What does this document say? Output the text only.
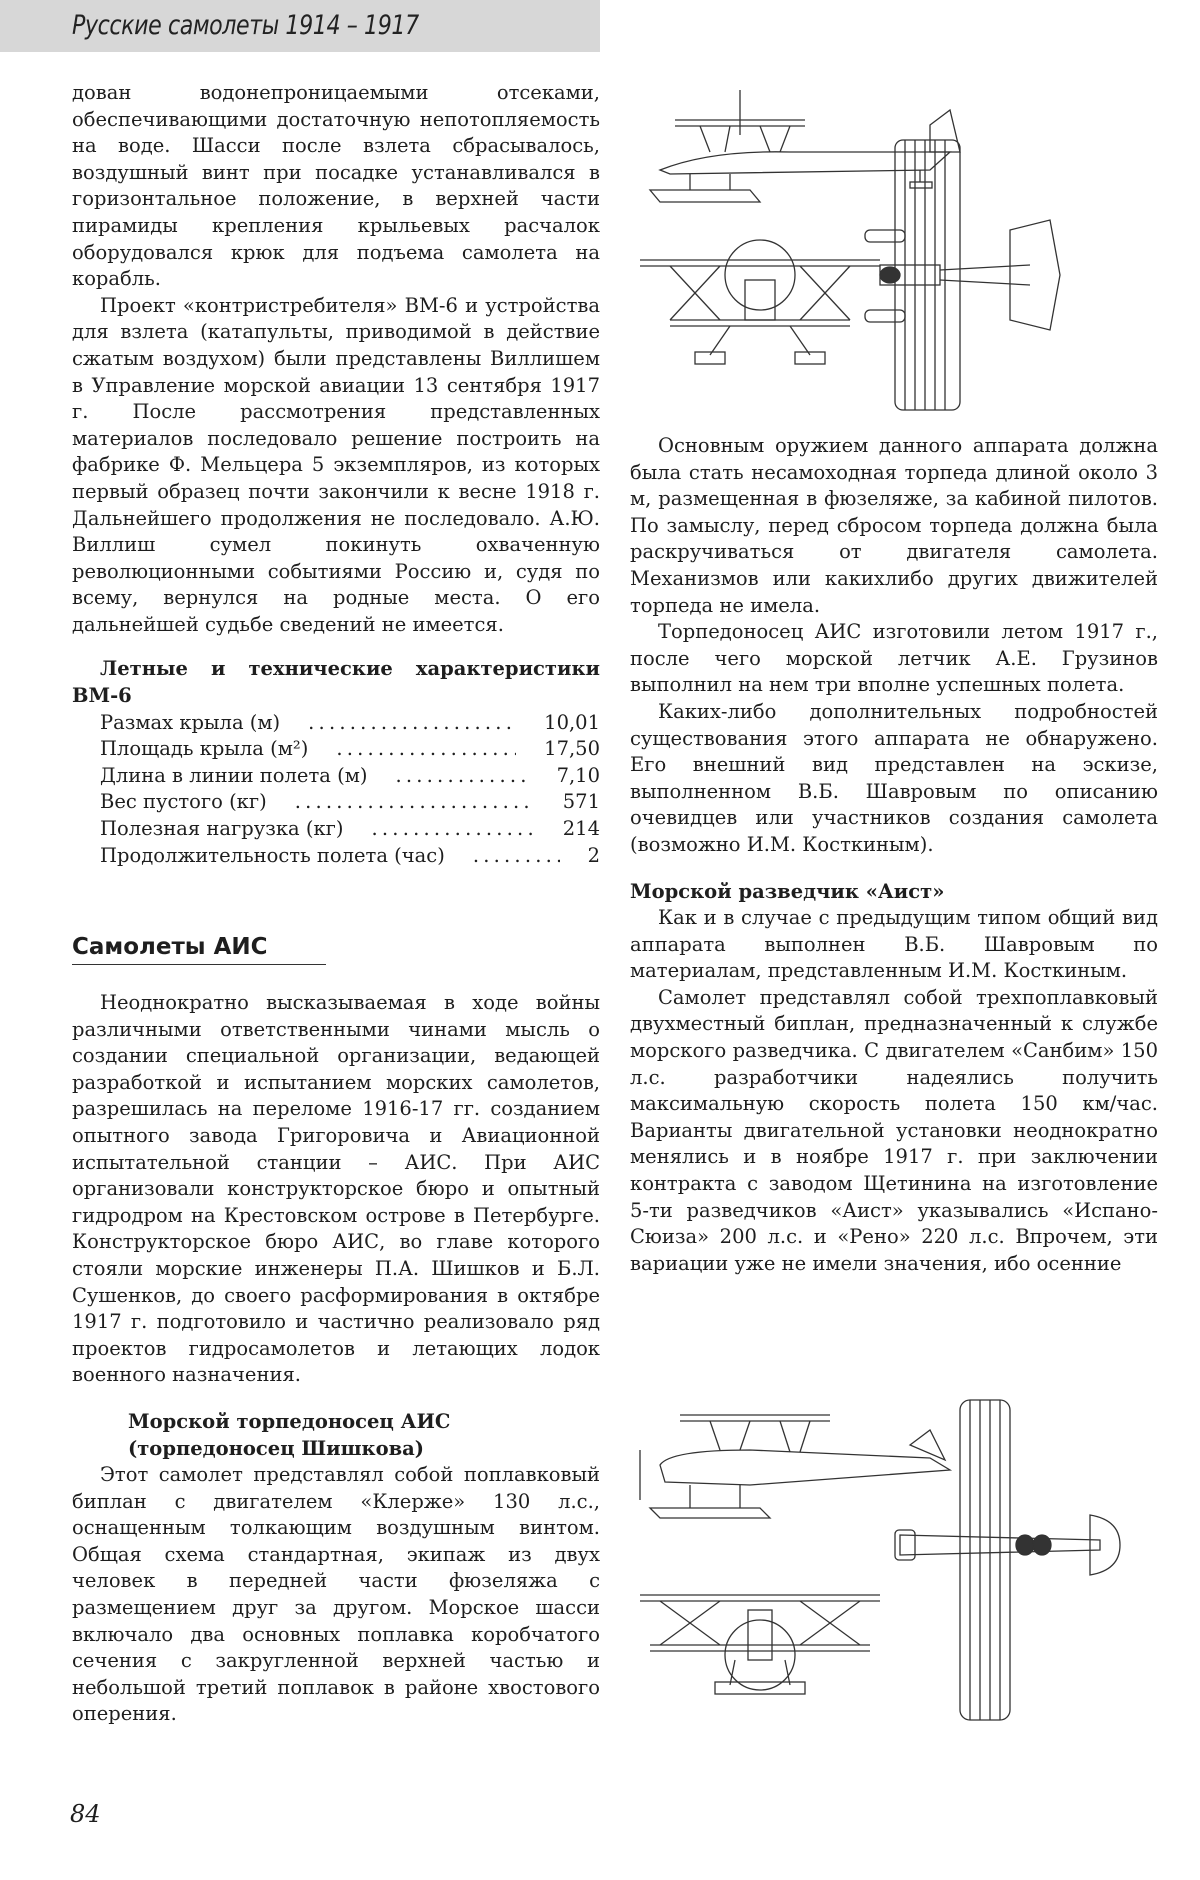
Русские самолеты 1914 – 1917

дован водонепроницаемыми отсеками, обеспечивающими достаточную непотопляемость на воде. Шасси после взлета сбрасывалось, воздушный винт при посадке устанавливался в горизонтальное положение, в верхней части пирамиды крепления крыльевых расчалок оборудовался крюк для подъема самолета на корабль.

Проект «контристребителя» ВМ-6 и устройства для взлета (катапульты, приводимой в действие сжатым воздухом) были представлены Виллишем в Управление морской авиации 13 сентября 1917 г. После рассмотрения представленных материалов последовало решение построить на фабрике Ф. Мельцера 5 экземпляров, из которых первый образец почти закончили к весне 1918 г. Дальнейшего продолжения не последовало. А.Ю. Виллиш сумел покинуть охваченную революционными событиями Россию и, судя по всему, вернулся на родные места. О его дальнейшей судьбе сведений не имеется.

Летные и технические характеристики ВМ-6

Размах крыла (м) . . .	10,01

Площадь крыла (м²) . . .	17,50

Длина в линии полета (м) . . .	7,10

Вес пустого (кг) . . .	571

Полезная нагрузка (кг) . . .	214

Продолжительность полета (час) . . .	2

Самолеты АИС

Неоднократно высказываемая в ходе войны различными ответственными чинами мысль о создании специальной организации, ведающей разработкой и испытанием морских самолетов, разрешилась на переломе 1916-17 гг. созданием опытного завода Григоровича и Авиационной испытательной станции – АИС. При АИС организовали конструкторское бюро и опытный гидродром на Крестовском острове в Петербурге. Конструкторское бюро АИС, во главе которого стояли морские инженеры П.А. Шишков и Б.Л. Сушенков, до своего расформирования в октябре 1917 г. подготовило и частично реализовало ряд проектов гидросамолетов и летающих лодок военного назначения.

Морской торпедоносец АИС

(торпедоносец Шишкова)

Этот самолет представлял собой поплавковый биплан с двигателем «Клерже» 130 л.с., оснащенным толкающим воздушным винтом. Общая схема стандартная, экипаж из двух человек в передней части фюзеляжа с размещением друг за другом. Морское шасси включало два основных поплавка коробчатого сечения с закругленной верхней частью и небольшой третий поплавок в районе хвостового оперения.

Основным оружием данного аппарата должна была стать несамоходная торпеда длиной около 3 м, размещенная в фюзеляже, за кабиной пилотов. По замыслу, перед сбросом торпеда должна была раскручиваться от двигателя самолета. Механизмов или какихлибо других движителей торпеда не имела.

Торпедоносец АИС изготовили летом 1917 г., после чего морской летчик А.Е. Грузинов выполнил на нем три вполне успешных полета.

Каких-либо дополнительных подробностей существования этого аппарата не обнаружено. Его внешний вид представлен на эскизе, выполненном В.Б. Шавровым по описанию очевидцев или участников создания самолета (возможно И.М. Косткиным).

Морской разведчик «Аист»

Как и в случае с предыдущим типом общий вид аппарата выполнен В.Б. Шавровым по материалам, представленным И.М. Косткиным.

Самолет представлял собой трехпоплавковый двухместный биплан, предназначенный к службе морского разведчика. С двигателем «Санбим» 150 л.с. разработчики надеялись получить максимальную скорость полета 150 км/час. Варианты двигательной установки неоднократно менялись и в ноябре 1917 г. при заключении контракта с заводом Щетинина на изготовление 5-ти разведчиков «Аист» указывались «Испано-Сюиза» 200 л.с. и «Рено» 220 л.с. Впрочем, эти вариации уже не имели значения, ибо осенние

84
